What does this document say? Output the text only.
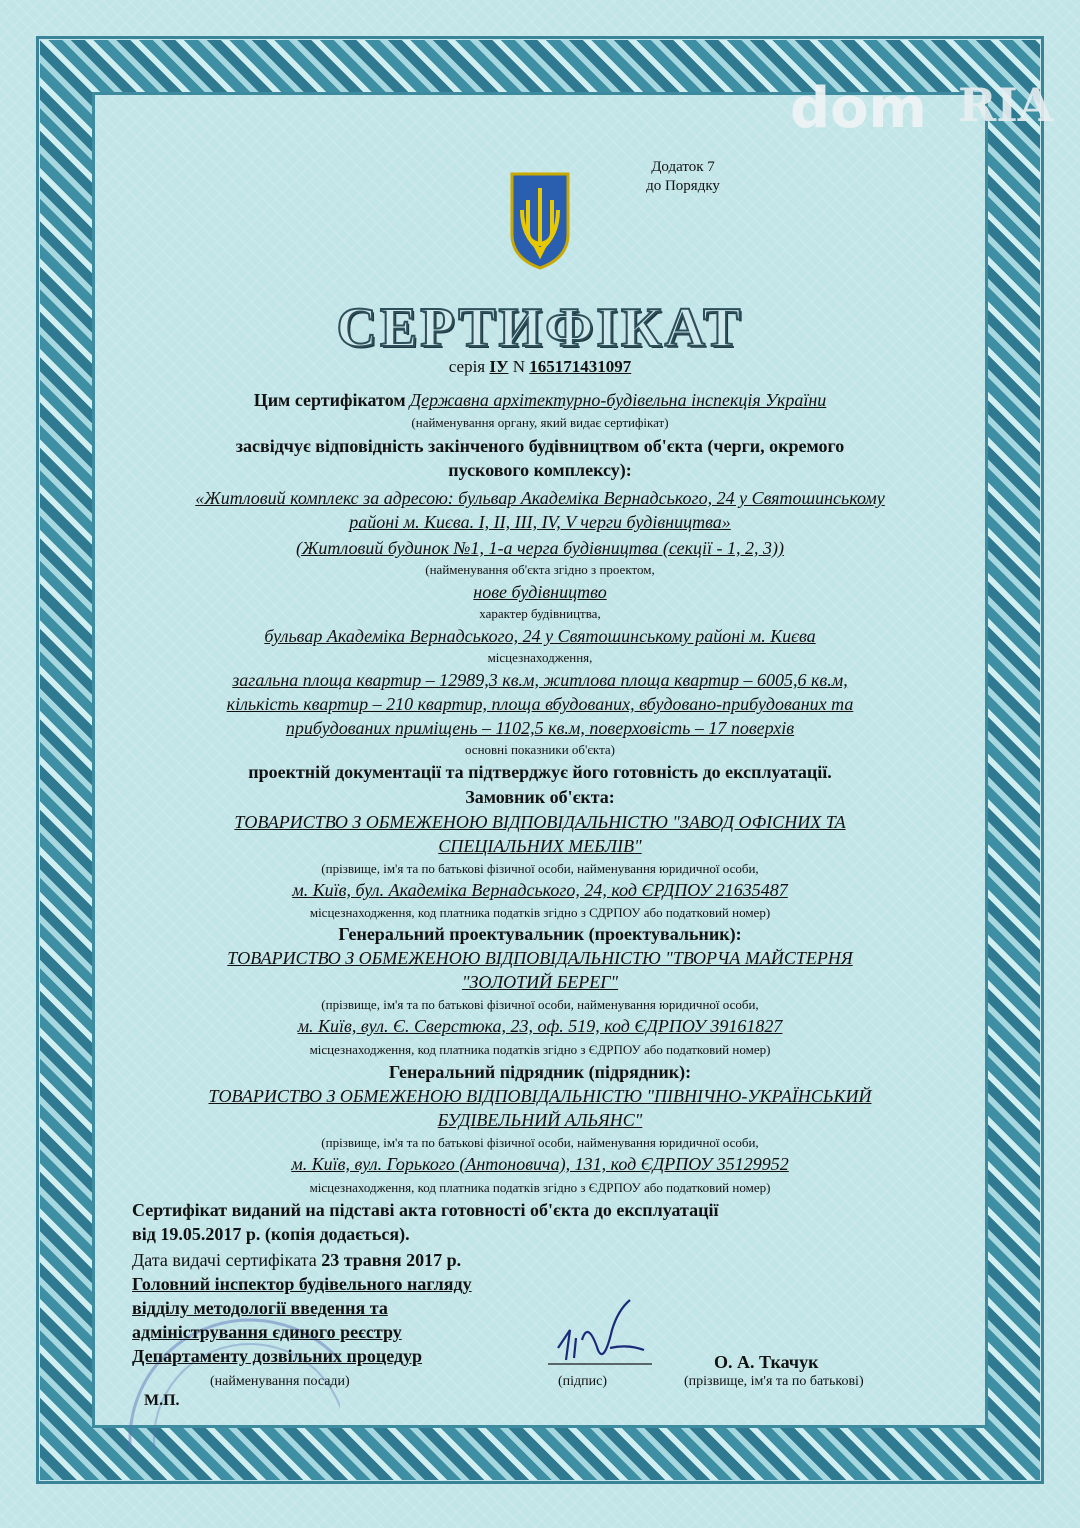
dom RIA
Додаток 7
до Порядку
СЕРТИФІКАТ
серія ІУ N 165171431097
Цим сертифікатом Державна архітектурно-будівельна інспекція України
(найменування органу, який видає сертифікат)
засвідчує відповідність закінченого будівництвом об'єкта (черги, окремого
пускового комплексу):
«Житловий комплекс за адресою: бульвар Академіка Вернадського, 24 у Святошинському
районі м. Києва. I, II, III, IV, V черги будівництва»
(Житловий будинок №1, 1-а черга будівництва (секції - 1, 2, 3))
(найменування об'єкта згідно з проектом,
нове будівництво
характер будівництва,
бульвар Академіка Вернадського, 24 у Святошинському районі м. Києва
місцезнаходження,
загальна площа квартир – 12989,3 кв.м, житлова площа квартир – 6005,6 кв.м,
кількість квартир – 210 квартир, площа вбудованих, вбудовано-прибудованих та
прибудованих приміщень – 1102,5 кв.м, поверховість – 17 поверхів
основні показники об'єкта)
проектній документації та підтверджує його готовність до експлуатації.
Замовник об'єкта:
ТОВАРИСТВО З ОБМЕЖЕНОЮ ВІДПОВІДАЛЬНІСТЮ "ЗАВОД ОФІСНИХ ТА
СПЕЦІАЛЬНИХ МЕБЛІВ"
(прізвище, ім'я та по батькові фізичної особи, найменування юридичної особи,
м. Київ, бул. Академіка Вернадського, 24, код ЄРДПОУ 21635487
місцезнаходження, код платника податків згідно з СДРПОУ або податковий номер)
Генеральний проектувальник (проектувальник):
ТОВАРИСТВО З ОБМЕЖЕНОЮ ВІДПОВІДАЛЬНІСТЮ "ТВОРЧА МАЙСТЕРНЯ
"ЗОЛОТИЙ БЕРЕГ"
(прізвище, ім'я та по батькові фізичної особи, найменування юридичної особи,
м. Київ, вул. Є. Сверстюка, 23, оф. 519, код ЄДРПОУ 39161827
місцезнаходження, код платника податків згідно з ЄДРПОУ або податковий номер)
Генеральний підрядник (підрядник):
ТОВАРИСТВО З ОБМЕЖЕНОЮ ВІДПОВІДАЛЬНІСТЮ "ПІВНІЧНО-УКРАЇНСЬКИЙ
БУДІВЕЛЬНИЙ АЛЬЯНС"
(прізвище, ім'я та по батькові фізичної особи, найменування юридичної особи,
м. Київ, вул. Горького (Антоновича), 131, код ЄДРПОУ 35129952
місцезнаходження, код платника податків згідно з ЄДРПОУ або податковий номер)
Сертифікат виданий на підставі акта готовності об'єкта до експлуатації
від 19.05.2017 р. (копія додається).
Дата видачі сертифіката 23 травня 2017 р.
Головний інспектор будівельного нагляду
відділу методології введення та
адміністрування єдиного реєстру
Департаменту дозвільних процедур
(найменування посади)	(підпис)
О. А. Ткачук
(прізвище, ім'я та по батькові)
М.П.
